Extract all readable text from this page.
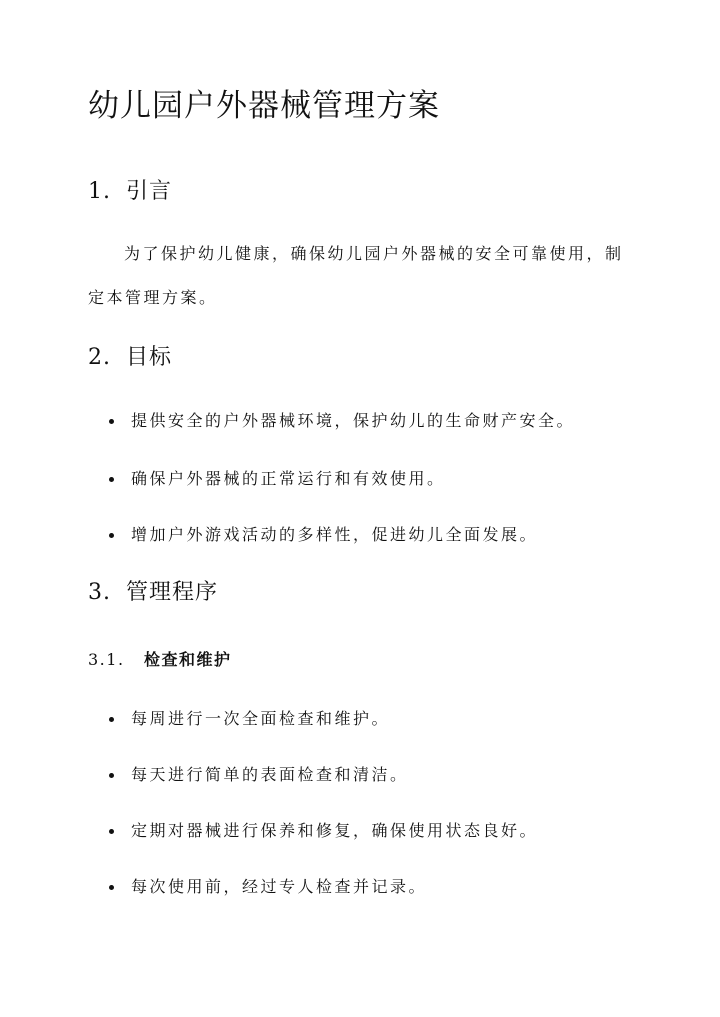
幼儿园户外器械管理方案
1. 引言
为了保护幼儿健康，确保幼儿园户外器械的安全可靠使用，制定本管理方案。
2. 目标
提供安全的户外器械环境，保护幼儿的生命财产安全。
确保户外器械的正常运行和有效使用。
增加户外游戏活动的多样性，促进幼儿全面发展。
3. 管理程序
3.1. 检查和维护
每周进行一次全面检查和维护。
每天进行简单的表面检查和清洁。
定期对器械进行保养和修复，确保使用状态良好。
每次使用前，经过专人检查并记录。
